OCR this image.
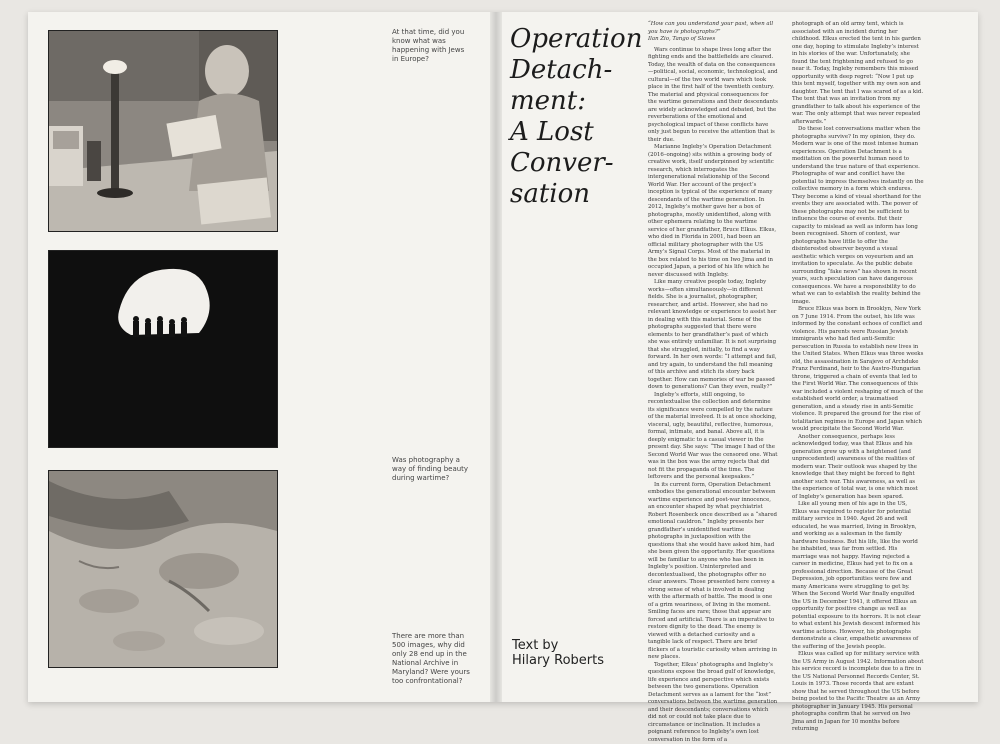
At that time, did you know what was happening with Jews in Europe?
Was photography a way of finding beauty during wartime?
There are more than 500 images, why did only 28 end up in the National Archive in Maryland? Were yours too confrontational?
Operation
Detach-
ment:
A Lost
Conver-
sation
Text by
Hilary Roberts

“How can you understand your past, when all you have is photographs?”
Ilan Zio, Tango of Slaves

Wars continue to shape lives long after the fighting ends and the battlefields are cleared. Today, the wealth of data on the consequences—political, social, economic, technological, and cultural—of the two world wars which took place in the first half of the twentieth century. The material and physical consequences for the wartime generations and their descendants are widely acknowledged and debated, but the reverberations of the emotional and psychological impact of these conflicts have only just begun to receive the attention that is their due.

Marianne Ingleby’s Operation Detachment (2016–ongoing) sits within a growing body of creative work, itself underpinned by scientific research, which interrogates the intergenerational relationship of the Second World War. Her account of the project’s inception is typical of the experience of many descendants of the wartime generation. In 2012, Ingleby’s mother gave her a box of photographs, mostly unidentified, along with other ephemera relating to the wartime service of her grandfather, Bruce Elkus. Elkus, who died in Florida in 2001, had been an official military photographer with the US Army’s Signal Corps. Most of the material in the box related to his time on Iwo Jima and in occupied Japan, a period of his life which he never discussed with Ingleby.

Like many creative people today, Ingleby works—often simultaneously—in different fields. She is a journalist, photographer, researcher, and artist. However, she had no relevant knowledge or experience to assist her in dealing with this material. Some of the photographs suggested that there were elements to her grandfather’s past of which she was entirely unfamiliar. It is not surprising that she struggled, initially, to find a way forward. In her own words: “I attempt and fail, and try again, to understand the full meaning of this archive and stitch its story back together. How can memories of war be passed down to generations? Can they even, really?”

Ingleby’s efforts, still ongoing, to recontextualise the collection and determine its significance were compelled by the nature of the material involved. It is at once shocking, visceral, ugly, beautiful, reflective, humorous, formal, intimate, and banal. Above all, it is deeply enigmatic to a casual viewer in the present day. She says: “The image I had of the Second World War was the censored one. What was in the box was the army rejects that did not fit the propaganda of the time. The leftovers and the personal keepsakes.”

In its current form, Operation Detachment embodies the generational encounter between wartime experience and post-war innocence, an encounter shaped by what psychiatrist Robert Rosenbeck once described as a “shared emotional cauldron.” Ingleby presents her grandfather’s unidentified wartime photographs in juxtaposition with the questions that she would have asked him, had she been given the opportunity. Her questions will be familiar to anyone who has been in Ingleby’s position. Uninterpreted and decontextualised, the photographs offer no clear answers. Those presented here convey a strong sense of what is involved in dealing with the aftermath of battle. The mood is one of a grim weariness, of living in the moment. Smiling faces are rare; those that appear are forced and artificial. There is an imperative to restore dignity to the dead. The enemy is viewed with a detached curiosity and a tangible lack of respect. There are brief flickers of a touristic curiosity when arriving in new places.

Together, Elkus’ photographs and Ingleby’s questions expose the broad gulf of knowledge, life experience and perspective which exists between the two generations. Operation Detachment serves as a lament for the “lost” conversations between the wartime generation and their descendants; conversations which did not or could not take place due to circumstance or inclination. It includes a poignant reference to Ingleby’s own lost conversation in the form of a

photograph of an old army tent, which is associated with an incident during her childhood. Elkus erected the tent in his garden one day, hoping to stimulate Ingleby’s interest in his stories of the war. Unfortunately, she found the tent frightening and refused to go near it. Today, Ingleby remembers this missed opportunity with deep regret: “Now I put up this tent myself, together with my own son and daughter. The tent that I was scared of as a kid. The tent that was an invitation from my grandfather to talk about his experience of the war. The only attempt that was never repeated afterwards.”

Do these lost conversations matter when the photographs survive? In my opinion, they do. Modern war is one of the most intense human experiences. Operation Detachment is a meditation on the powerful human need to understand the true nature of that experience. Photographs of war and conflict have the potential to impress themselves instantly on the collective memory in a form which endures. They become a kind of visual shorthand for the events they are associated with. The power of these photographs may not be sufficient to influence the course of events. But their capacity to mislead as well as inform has long been recognised. Shorn of context, war photographs have little to offer the disinterested observer beyond a visual aesthetic which verges on voyeurism and an invitation to speculate. As the public debate surrounding “fake news” has shown in recent years, such speculation can have dangerous consequences. We have a responsibility to do what we can to establish the reality behind the image.

Bruce Elkus was born in Brooklyn, New York on 7 June 1914. From the outset, his life was informed by the constant echoes of conflict and violence. His parents were Russian Jewish immigrants who had fled anti-Semitic persecution in Russia to establish new lives in the United States. When Elkus was three weeks old, the assassination in Sarajevo of Archduke Franz Ferdinand, heir to the Austro-Hungarian throne, triggered a chain of events that led to the First World War. The consequences of this war included a violent reshaping of much of the established world order, a traumatised generation, and a steady rise in anti-Semitic violence. It prepared the ground for the rise of totalitarian regimes in Europe and Japan which would precipitate the Second World War.

Another consequence, perhaps less acknowledged today, was that Elkus and his generation grew up with a heightened (and unprecedented) awareness of the realities of modern war. Their outlook was shaped by the knowledge that they might be forced to fight another such war. This awareness, as well as the experience of total war, is one which most of Ingleby’s generation has been spared.

Like all young men of his age in the US, Elkus was required to register for potential military service in 1940. Aged 26 and well educated, he was married, living in Brooklyn, and working as a salesman in the family hardware business. But his life, like the world he inhabited, was far from settled. His marriage was not happy. Having rejected a career in medicine, Elkus had yet to fix on a professional direction. Because of the Great Depression, job opportunities were few and many Americans were struggling to get by. When the Second World War finally engulfed the US in December 1941, it offered Elkus an opportunity for positive change as well as potential exposure to its horrors. It is not clear to what extent his Jewish descent informed his wartime actions. However, his photographs demonstrate a clear, empathetic awareness of the suffering of the Jewish people.

Elkus was called up for military service with the US Army in August 1942. Information about his service record is incomplete due to a fire in the US National Personnel Records Center, St. Louis in 1973. Those records that are extant show that he served throughout the US before being posted to the Pacific Theatre as an Army photographer in January 1945. His personal photographs confirm that he served on Iwo Jima and in Japan for 10 months before returning
